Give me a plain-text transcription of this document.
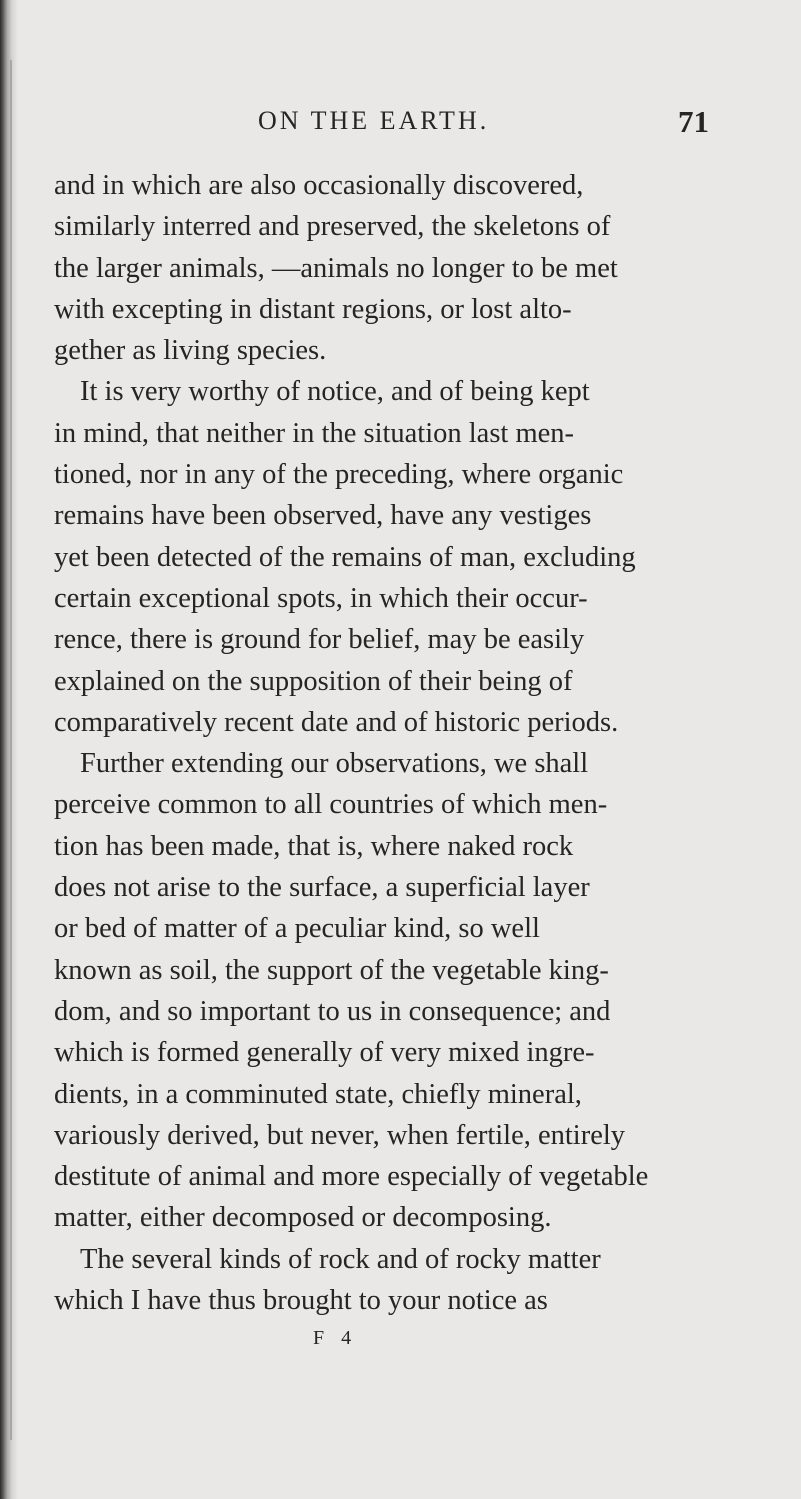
ON THE EARTH.	71
and in which are also occasionally discovered,
similarly interred and preserved, the skeletons of
the larger animals, —animals no longer to be met
with excepting in distant regions, or lost alto-
gether as living species.
It is very worthy of notice, and of being kept
in mind, that neither in the situation last men-
tioned, nor in any of the preceding, where organic
remains have been observed, have any vestiges
yet been detected of the remains of man, excluding
certain exceptional spots, in which their occur-
rence, there is ground for belief, may be easily
explained on the supposition of their being of
comparatively recent date and of historic periods.
Further extending our observations, we shall
perceive common to all countries of which men-
tion has been made, that is, where naked rock
does not arise to the surface, a superficial layer
or bed of matter of a peculiar kind, so well
known as soil, the support of the vegetable king-
dom, and so important to us in consequence; and
which is formed generally of very mixed ingre-
dients, in a comminuted state, chiefly mineral,
variously derived, but never, when fertile, entirely
destitute of animal and more especially of vegetable
matter, either decomposed or decomposing.
The several kinds of rock and of rocky matter
which I have thus brought to your notice as
F 4
